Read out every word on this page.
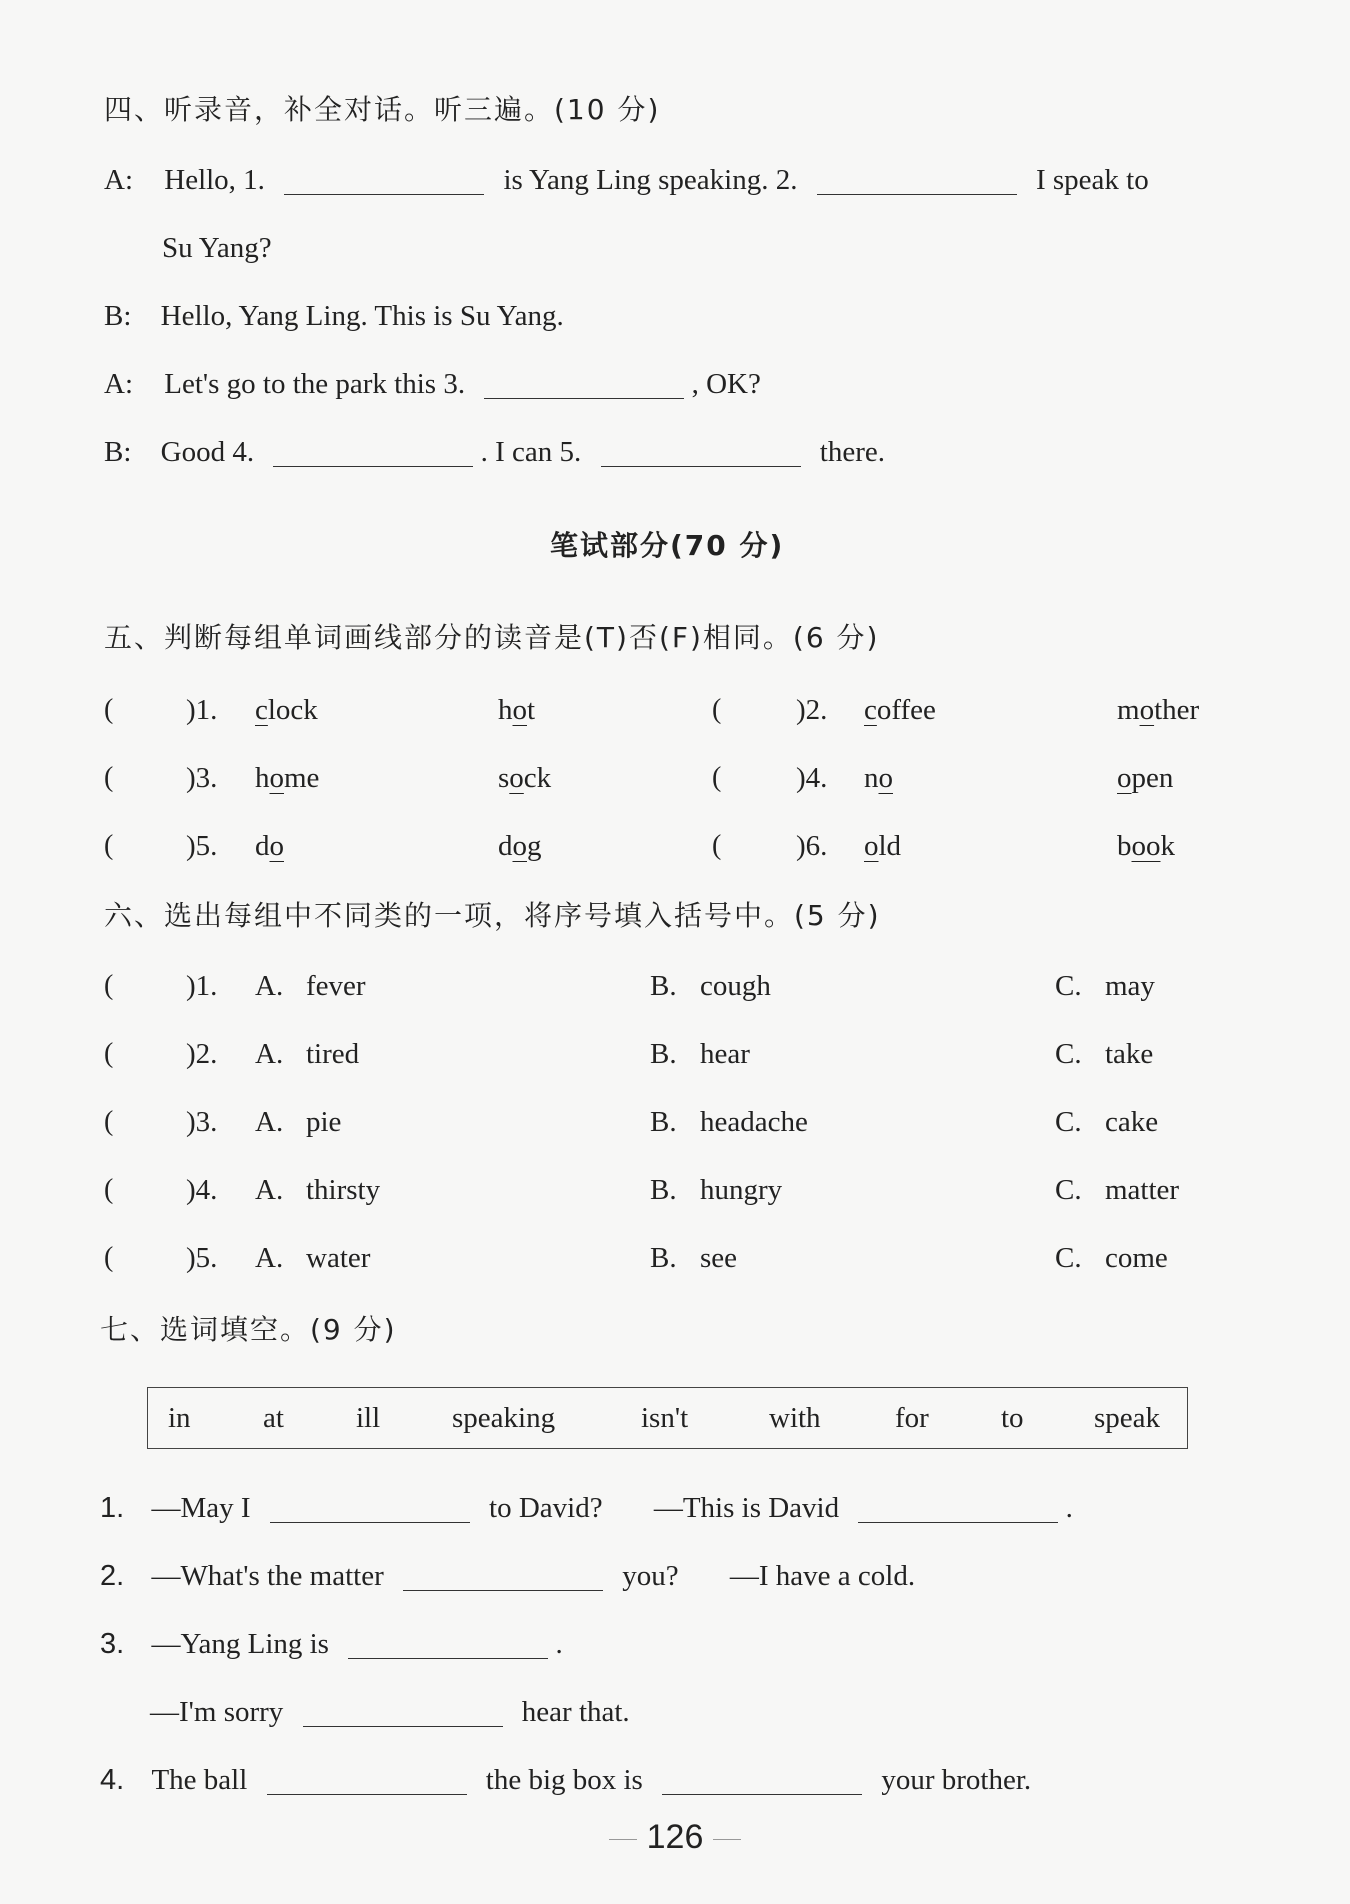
四、听录音，补全对话。听三遍。(10 分)
A: Hello, 1.	is Yang Ling speaking. 2.	I speak to
Su Yang?
B: Hello, Yang Ling. This is Su Yang.
A: Let's go to the park this 3.	, OK?
B: Good 4.	. I can 5.	there.
笔试部分(70 分)
五、判断每组单词画线部分的读音是(T)否(F)相同。(6 分)
(	)1. clock	hot	(	)2. coffee	mother
(	)3. home	sock	(	)4. no	open
(	)5. do	dog	(	)6. old	book
六、选出每组中不同类的一项，将序号填入括号中。(5 分)
(	)1. A. fever	B. cough	C. may
(	)2. A. tired	B. hear	C. take
(	)3. A. pie	B. headache	C. cake
(	)4. A. thirsty	B. hungry	C. matter
(	)5. A. water	B. see	C. come
七、选词填空。(9 分)
in at ill speaking	isn't	with	for to speak
1. —May I	to David? —This is David	.
2. —What's the matter	you? —I have a cold.
3. —Yang Ling is	.
—I'm sorry	hear that.
4. The ball	the big box is	your brother.
126
